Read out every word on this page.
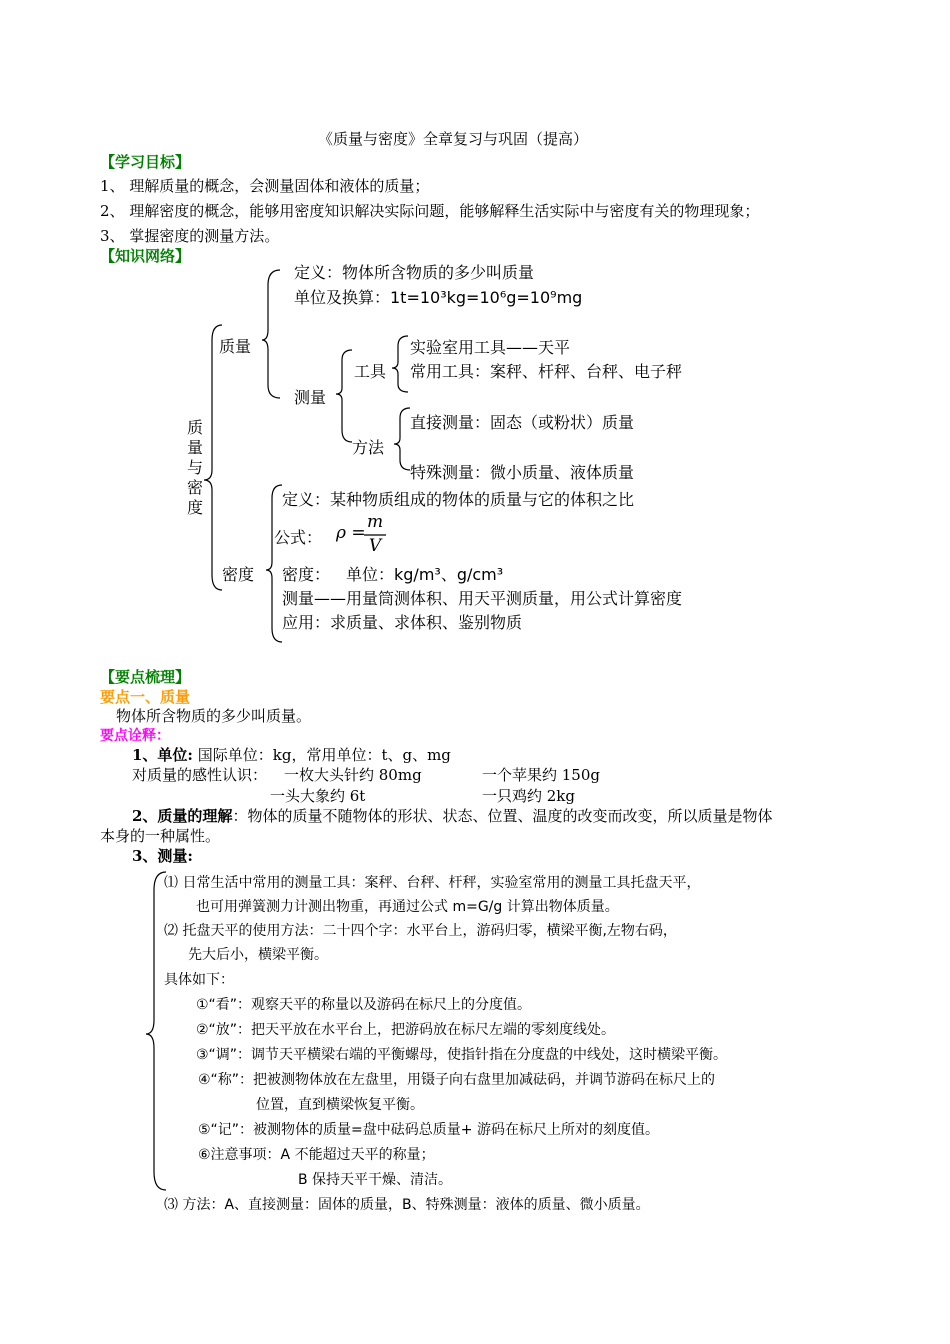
《质量与密度》全章复习与巩固（提高）
【学习目标】
1、 理解质量的概念，会测量固体和液体的质量；
2、 理解密度的概念，能够用密度知识解决实际问题，能够解释生活实际中与密度有关的物理现象；
3、 掌握密度的测量方法。
【知识网络】
质量与密度
质量
定义：物体所含物质的多少叫质量
单位及换算：1t=10³kg=10⁶g=10⁹mg
测量
工具
实验室用工具——天平
常用工具：案秤、杆秤、台秤、电子秤
方法
直接测量：固态（或粉状）质量
特殊测量：微小质量、液体质量
密度
定义：某种物质组成的物体的质量与它的体积之比
公式： ρ =
m
V
密度： 单位：kg/m³、g/cm³
测量——用量筒测体积、用天平测质量，用公式计算密度
应用：求质量、求体积、鉴别物质
【要点梳理】
要点一、质量
物体所含物质的多少叫质量。
要点诠释：
1、单位: 国际单位：kg，常用单位：t、g、mg
对质量的感性认识： 一枚大头针约 80mg	一个苹果约 150g
一头大象约 6t	一只鸡约 2kg
2、质量的理解：物体的质量不随物体的形状、状态、位置、温度的改变而改变，所以质量是物体
本身的一种属性。
3、测量:
⑴ 日常生活中常用的测量工具：案秤、台秤、杆秤，实验室常用的测量工具托盘天平，
也可用弹簧测力计测出物重，再通过公式 m=G/g 计算出物体质量。
⑵ 托盘天平的使用方法：二十四个字：水平台上，游码归零，横梁平衡,左物右码，
先大后小，横梁平衡。
具体如下：
①“看”：观察天平的称量以及游码在标尺上的分度值。
②“放”：把天平放在水平台上，把游码放在标尺左端的零刻度线处。
③“调”：调节天平横梁右端的平衡螺母，使指针指在分度盘的中线处，这时横梁平衡。
④“称”：把被测物体放在左盘里，用镊子向右盘里加减砝码，并调节游码在标尺上的
位置，直到横梁恢复平衡。
⑤“记”：被测物体的质量=盘中砝码总质量+ 游码在标尺上所对的刻度值。
⑥注意事项：A 不能超过天平的称量；
B 保持天平干燥、清洁。
⑶ 方法：A、直接测量：固体的质量，B、特殊测量：液体的质量、微小质量。
